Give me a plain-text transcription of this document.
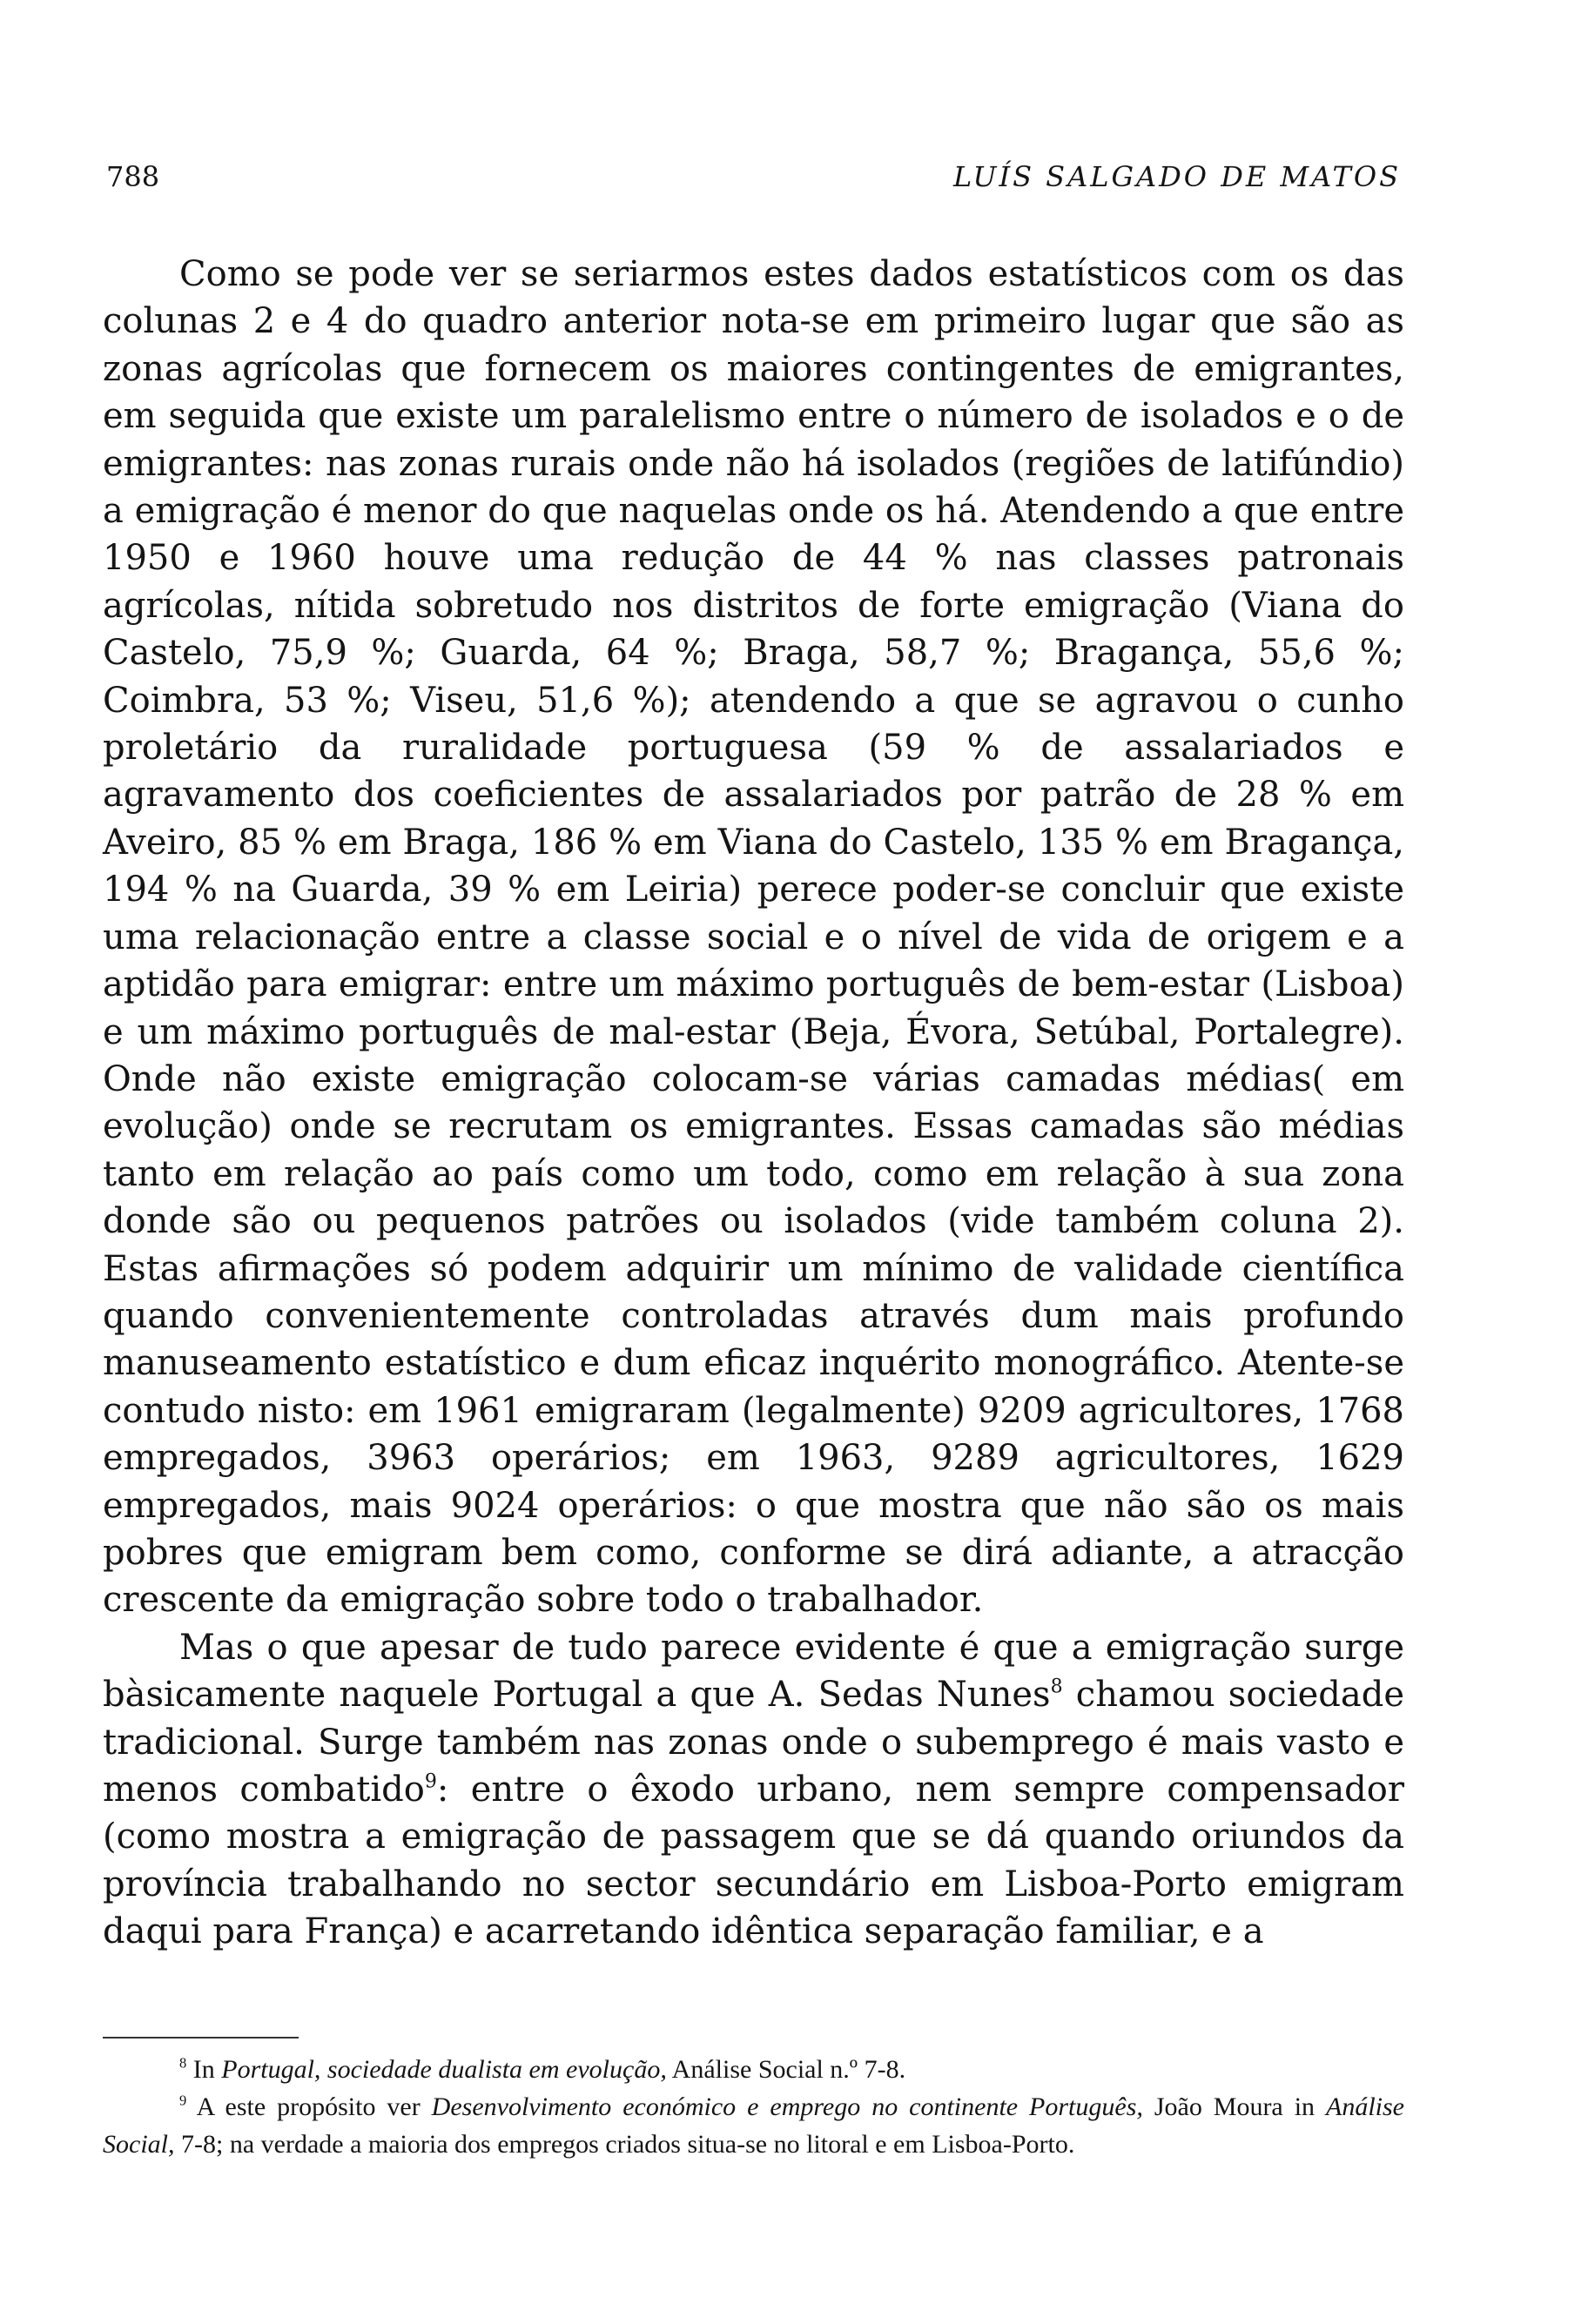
788	LUÍS SALGADO DE MATOS

Como se pode ver se seriarmos estes dados estatísticos com os das colunas 2 e 4 do quadro anterior nota-se em primeiro lugar que são as zonas agrícolas que fornecem os maiores contingentes de emigrantes, em seguida que existe um paralelismo entre o número de isolados e o de emigrantes: nas zonas rurais onde não há isolados (regiões de latifúndio) a emigração é menor do que naquelas onde os há. Atendendo a que entre 1950 e 1960 houve uma redução de 44 % nas classes patronais agrícolas, nítida sobretudo nos distritos de forte emigração (Viana do Castelo, 75,9 %; Guarda, 64 %; Braga, 58,7 %; Bragança, 55,6 %; Coimbra, 53 %; Viseu, 51,6 %); atendendo a que se agravou o cunho proletário da ruralidade portuguesa (59 % de assalariados e agravamento dos coeficientes de assalariados por patrão de 28 % em Aveiro, 85 % em Braga, 186 % em Viana do Castelo, 135 % em Bragança, 194 % na Guarda, 39 % em Leiria) perece poder-se concluir que existe uma relacionação entre a classe social e o nível de vida de origem e a aptidão para emigrar: entre um máximo português de bem-estar (Lisboa) e um máximo português de mal-estar (Beja, Évora, Setúbal, Portalegre). Onde não existe emigração colocam-se várias camadas médias( em evolução) onde se recrutam os emigrantes. Essas camadas são médias tanto em relação ao país como um todo, como em relação à sua zona donde são ou pequenos patrões ou isolados (vide também coluna 2). Estas afirmações só podem adquirir um mínimo de validade científica quando convenientemente controladas através dum mais profundo manuseamento estatístico e dum eficaz inquérito monográfico. Atente-se contudo nisto: em 1961 emigraram (legalmente) 9209 agricultores, 1768 empregados, 3963 operários; em 1963, 9289 agricultores, 1629 empregados, mais 9024 operários: o que mostra que não são os mais pobres que emigram bem como, conforme se dirá adiante, a atracção crescente da emigração sobre todo o trabalhador.

Mas o que apesar de tudo parece evidente é que a emigração surge bàsicamente naquele Portugal a que A. Sedas Nunes$^8$ chamou sociedade tradicional. Surge também nas zonas onde o subemprego é mais vasto e menos combatido$^9$: entre o êxodo urbano, nem sempre compensador (como mostra a emigração de passagem que se dá quando oriundos da província trabalhando no sector secundário em Lisboa-Porto emigram daqui para França) e acarretando idêntica separação familiar, e a

$^8$ In Portugal, sociedade dualista em evolução, Análise Social n.º 7-8.

$^9$ A este propósito ver Desenvolvimento económico e emprego no continente Português, João Moura in Análise Social, 7-8; na verdade a maioria dos empregos criados situa-se no litoral e em Lisboa-Porto.
